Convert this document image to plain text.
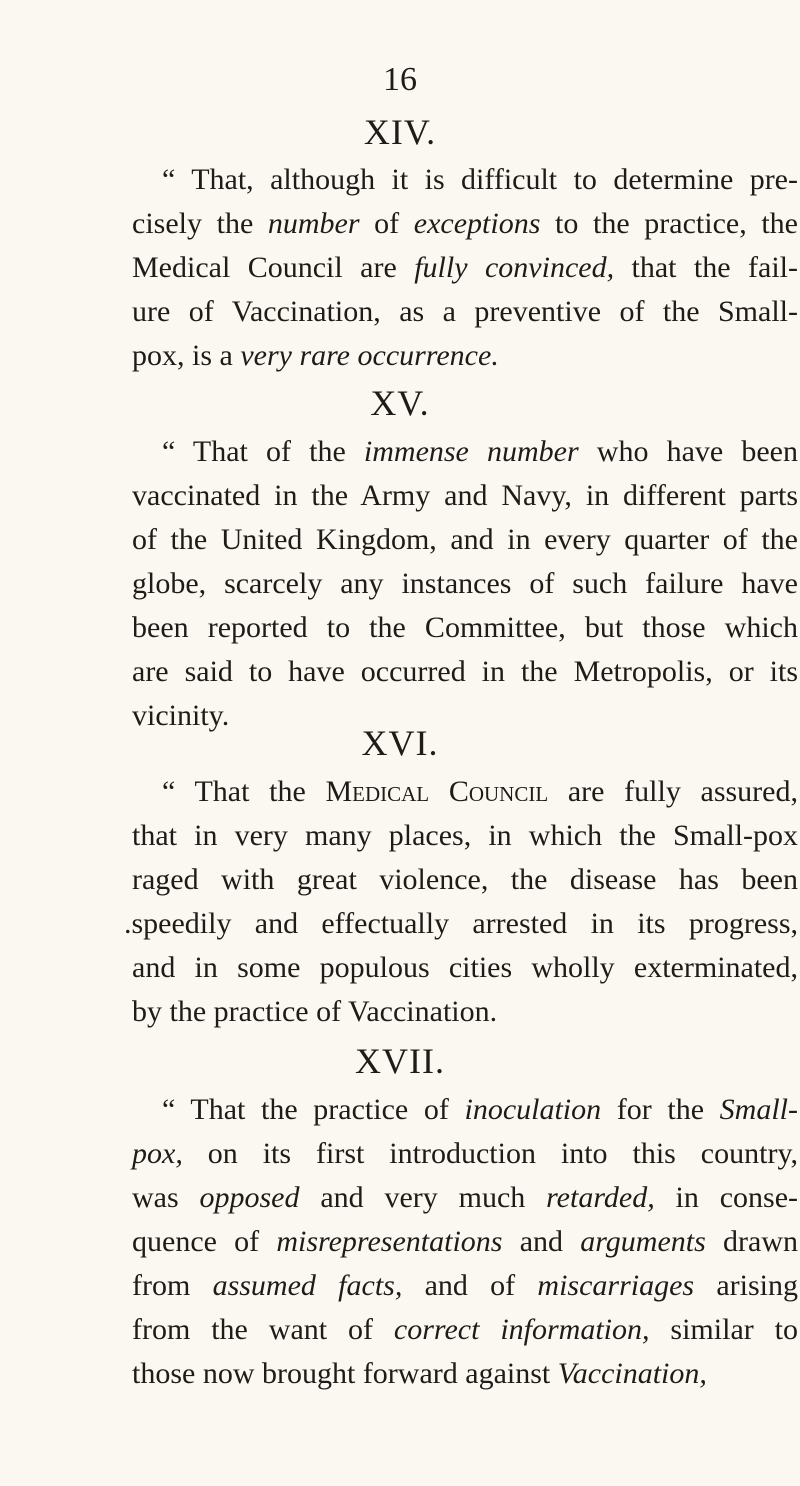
16
XIV.
“ That, although it is difficult to determine pre-
cisely the number of exceptions to the practice, the
Medical Council are fully convinced, that the fail-
ure of Vaccination, as a preventive of the Small-
pox, is a very rare occurrence.
XV.
“ That of the immense number who have been
vaccinated in the Army and Navy, in different parts
of the United Kingdom, and in every quarter of the
globe, scarcely any instances of such failure have
been reported to the Committee, but those which
are said to have occurred in the Metropolis, or its
vicinity.
XVI.
“ That the Medical Council are fully assured,
that in very many places, in which the Small-pox
raged with great violence, the disease has been
.speedily and effectually arrested in its progress,
and in some populous cities wholly exterminated,
by the practice of Vaccination.
XVII.
“ That the practice of inoculation for the Small-
pox, on its first introduction into this country,
was opposed and very much retarded, in conse-
quence of misrepresentations and arguments drawn
from assumed facts, and of miscarriages arising
from the want of correct information, similar to
those now brought forward against Vaccination,
